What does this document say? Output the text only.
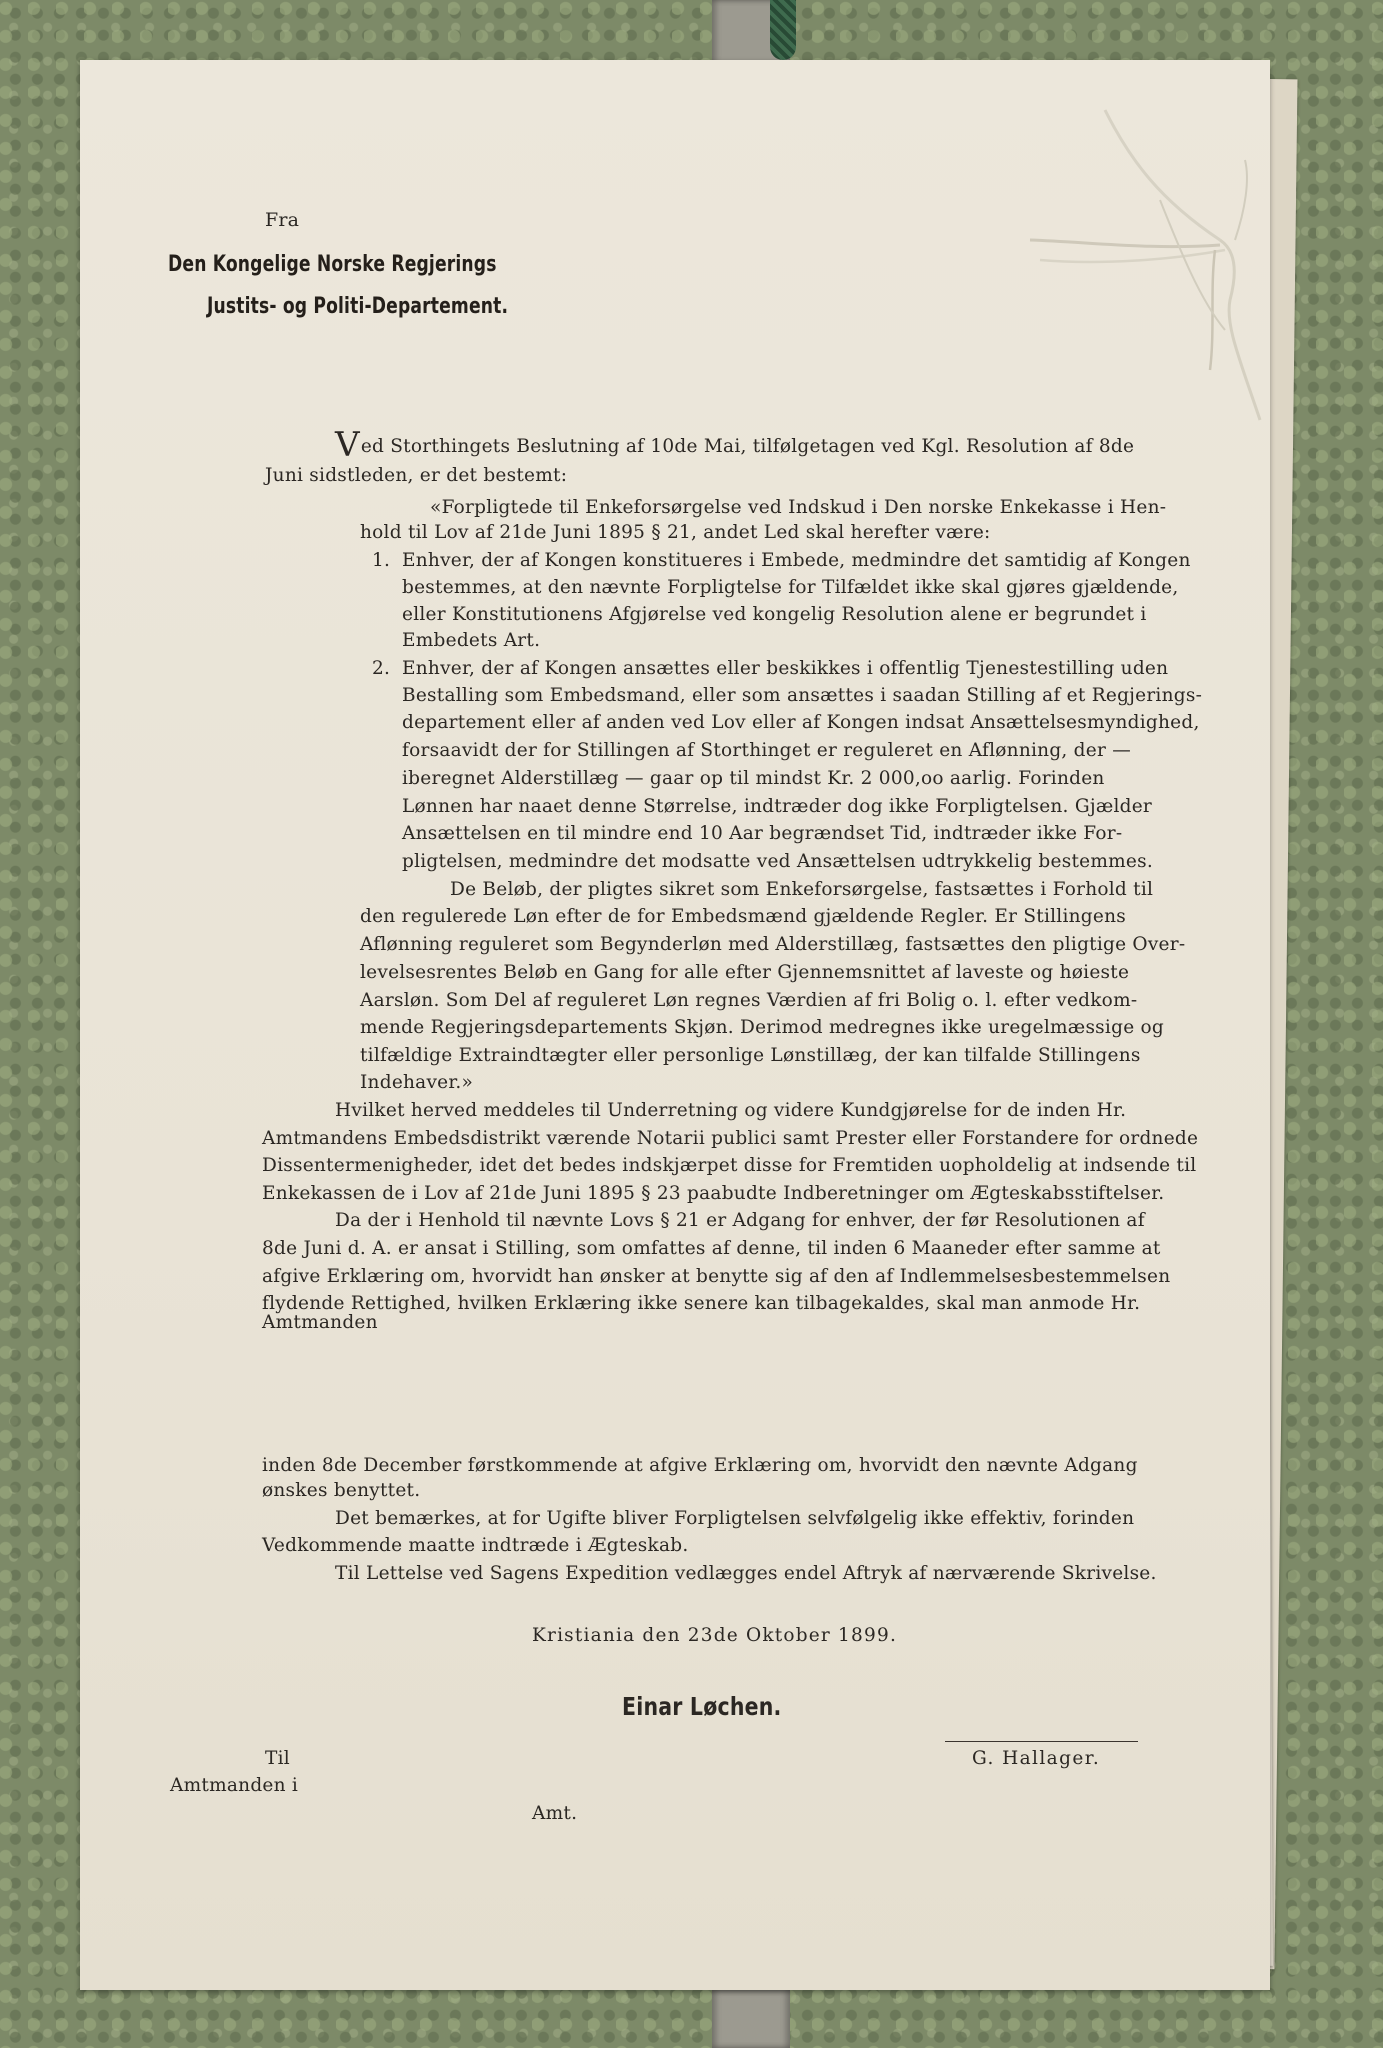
Fra
Den Kongelige Norske Regjerings
Justits- og Politi-Departement.
Ved Storthingets Beslutning af 10de Mai, tilfølgetagen ved Kgl. Resolution af 8de
Juni sidstleden, er det bestemt:
«Forpligtede til Enkeforsørgelse ved Indskud i Den norske Enkekasse i Hen-
hold til Lov af 21de Juni 1895 § 21, andet Led skal herefter være:
1. Enhver, der af Kongen konstitueres i Embede, medmindre det samtidig af Kongen
bestemmes, at den nævnte Forpligtelse for Tilfældet ikke skal gjøres gjældende,
eller Konstitutionens Afgjørelse ved kongelig Resolution alene er begrundet i
Embedets Art.
2. Enhver, der af Kongen ansættes eller beskikkes i offentlig Tjenestestilling uden
Bestalling som Embedsmand, eller som ansættes i saadan Stilling af et Regjerings-
departement eller af anden ved Lov eller af Kongen indsat Ansættelsesmyndighed,
forsaavidt der for Stillingen af Storthinget er reguleret en Aflønning, der —
iberegnet Alderstillæg — gaar op til mindst Kr. 2 000,oo aarlig. Forinden
Lønnen har naaet denne Størrelse, indtræder dog ikke Forpligtelsen. Gjælder
Ansættelsen en til mindre end 10 Aar begrændset Tid, indtræder ikke For-
pligtelsen, medmindre det modsatte ved Ansættelsen udtrykkelig bestemmes.
De Beløb, der pligtes sikret som Enkeforsørgelse, fastsættes i Forhold til
den regulerede Løn efter de for Embedsmænd gjældende Regler. Er Stillingens
Aflønning reguleret som Begynderløn med Alderstillæg, fastsættes den pligtige Over-
levelsesrentes Beløb en Gang for alle efter Gjennemsnittet af laveste og høieste
Aarsløn. Som Del af reguleret Løn regnes Værdien af fri Bolig o. l. efter vedkom-
mende Regjeringsdepartements Skjøn. Derimod medregnes ikke uregelmæssige og
tilfældige Extraindtægter eller personlige Lønstillæg, der kan tilfalde Stillingens
Indehaver.»
Hvilket herved meddeles til Underretning og videre Kundgjørelse for de inden Hr.
Amtmandens Embedsdistrikt værende Notarii publici samt Prester eller Forstandere for ordnede
Dissentermenigheder, idet det bedes indskjærpet disse for Fremtiden uopholdelig at indsende til
Enkekassen de i Lov af 21de Juni 1895 § 23 paabudte Indberetninger om Ægteskabsstiftelser.
Da der i Henhold til nævnte Lovs § 21 er Adgang for enhver, der før Resolutionen af
8de Juni d. A. er ansat i Stilling, som omfattes af denne, til inden 6 Maaneder efter samme at
afgive Erklæring om, hvorvidt han ønsker at benytte sig af den af Indlemmelsesbestemmelsen
flydende Rettighed, hvilken Erklæring ikke senere kan tilbagekaldes, skal man anmode Hr.
Amtmanden
inden 8de December førstkommende at afgive Erklæring om, hvorvidt den nævnte Adgang
ønskes benyttet.
Det bemærkes, at for Ugifte bliver Forpligtelsen selvfølgelig ikke effektiv, forinden
Vedkommende maatte indtræde i Ægteskab.
Til Lettelse ved Sagens Expedition vedlægges endel Aftryk af nærværende Skrivelse.
Kristiania den 23de Oktober 1899.
Einar Løchen.
G. Hallager.
Til
Amtmanden i
Amt.
